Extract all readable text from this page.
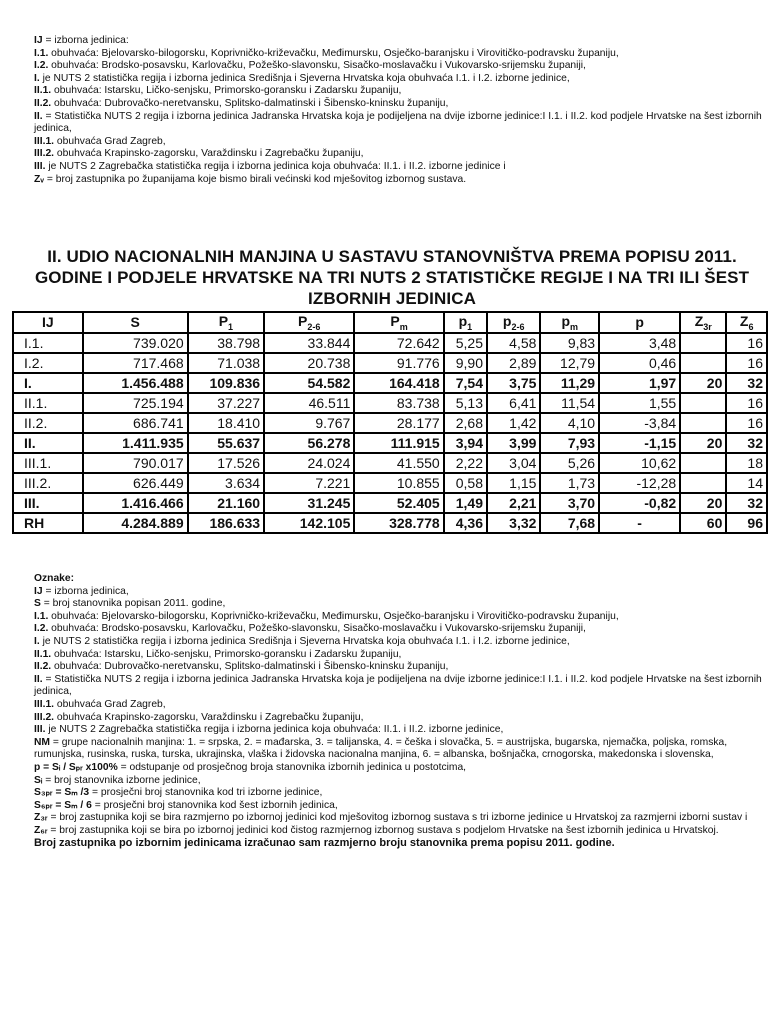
IJ = izborna jedinica:

I.1. obuhvaća: Bjelovarsko-bilogorsku, Koprivničko-križevačku, Međimursku, Osječko-baranjsku i Virovitičko-podravsku županiju,

I.2. obuhvaća: Brodsko-posavsku, Karlovačku, Požeško-slavonsku, Sisačko-moslavačku i Vukovarsko-srijemsku županiji,

I. je NUTS 2 statistička regija i izborna jedinica Središnja i Sjeverna Hrvatska koja obuhvaća I.1. i I.2. izborne jedinice,

II.1. obuhvaća: Istarsku, Ličko-senjsku, Primorsko-goransku i Zadarsku županiju,

II.2. obuhvaća: Dubrovačko-neretvansku, Splitsko-dalmatinski i Šibensko-kninsku županiju,

II. = Statistička NUTS 2 regija i izborna jedinica Jadranska Hrvatska koja je podijeljena na dvije izborne jedinice:I I.1. i II.2. kod podjele Hrvatske na šest izbornih jedinica,

III.1. obuhvaća Grad Zagreb,

III.2. obuhvaća Krapinsko-zagorsku, Varaždinsku i Zagrebačku županiju,

III. je NUTS 2 Zagrebačka statistička regija i izborna jedinica koja obuhvaća: II.1. i II.2. izborne jedinice i

Zᵥ = broj zastupnika po županijama koje bismo birali većinski kod mješovitog izbornog sustava.

II. UDIO NACIONALNIH MANJINA U SASTAVU STANOVNIŠTVA PREMA POPISU 2011. GODINE I PODJELE HRVATSKE NA TRI NUTS 2 STATISTIČKE REGIJE I NA TRI ILI ŠEST IZBORNIH JEDINICA
IJ	S	$P_1$	$P_{2-6}$	$P_m$	$p_1$	$p_{2-6}$	$p_m$	p	$Z_{3r}$	$Z_6$
I.1.	739.020	38.798	33.844	72.642	5,25	4,58	9,83	3,48		16
I.2.	717.468	71.038	20.738	91.776	9,90	2,89	12,79	0,46		16
I.	1.456.488	109.836	54.582	164.418	7,54	3,75	11,29	1,97	20	32
II.1.	725.194	37.227	46.511	83.738	5,13	6,41	11,54	1,55		16
II.2.	686.741	18.410	9.767	28.177	2,68	1,42	4,10	-3,84		16
II.	1.411.935	55.637	56.278	111.915	3,94	3,99	7,93	-1,15	20	32
III.1.	790.017	17.526	24.024	41.550	2,22	3,04	5,26	10,62		18
III.2.	626.449	3.634	7.221	10.855	0,58	1,15	1,73	-12,28		14
III.	1.416.466	21.160	31.245	52.405	1,49	2,21	3,70	-0,82	20	32
RH	4.284.889	186.633	142.105	328.778	4,36	3,32	7,68	-	60	96

Oznake:

IJ = izborna jedinica,

S = broj stanovnika popisan 2011. godine,

I.1. obuhvaća: Bjelovarsko-bilogorsku, Koprivničko-križevačku, Međimursku, Osječko-baranjsku i Virovitičko-podravsku županiju,

I.2. obuhvaća: Brodsko-posavsku, Karlovačku, Požeško-slavonsku, Sisačko-moslavačku i Vukovarsko-srijemsku županiji,

I. je NUTS 2 statistička regija i izborna jedinica Središnja i Sjeverna Hrvatska koja obuhvaća I.1. i I.2. izborne jedinice,

II.1. obuhvaća: Istarsku, Ličko-senjsku, Primorsko-goransku i Zadarsku županiju,

II.2. obuhvaća: Dubrovačko-neretvansku, Splitsko-dalmatinski i Šibensko-kninsku županiju,

II. = Statistička NUTS 2 regija i izborna jedinica Jadranska Hrvatska koja je podijeljena na dvije izborne jedinice:I I.1. i II.2. kod podjele Hrvatske na šest izbornih jedinica,

III.1. obuhvaća Grad Zagreb,

III.2. obuhvaća Krapinsko-zagorsku, Varaždinsku i Zagrebačku županiju,

III. je NUTS 2 Zagrebačka statistička regija i izborna jedinica koja obuhvaća: II.1. i II.2. izborne jedinice,

NM = grupe nacionalnih manjina: 1. = srpska, 2. = mađarska, 3. = talijanska, 4. = češka i slovačka, 5. = austrijska, bugarska, njemačka, poljska, romska, rumunjska, rusinska, ruska, turska, ukrajinska, vlaška i židovska nacionalna manjina, 6. = albanska, bošnjačka, crnogorska, makedonska i slovenska,

p = Sᵢ / Sₚᵣ x100% = odstupanje od prosječnog broja stanovnika izbornih jedinica u postotcima,

Sᵢ = broj stanovnika izborne jedinice,

S₃ₚᵣ = Sₘ /3 = prosječni broj stanovnika kod tri izborne jedinice,

S₆ₚᵣ = Sₘ / 6 = prosječni broj stanovnika kod šest izbornih jedinica,

Z₃ᵣ = broj zastupnika koji se bira razmjerno po izbornoj jedinici kod mješovitog izbornog sustava s tri izborne jedinice u Hrvatskoj za razmjerni izborni sustav i

Z₆ᵣ = broj zastupnika koji se bira po izbornoj jedinici kod čistog razmjernog izbornog sustava s podjelom Hrvatske na šest izbornih jedinica u Hrvatskoj.

Broj zastupnika po izbornim jedinicama izračunao sam razmjerno broju stanovnika prema popisu 2011. godine.
